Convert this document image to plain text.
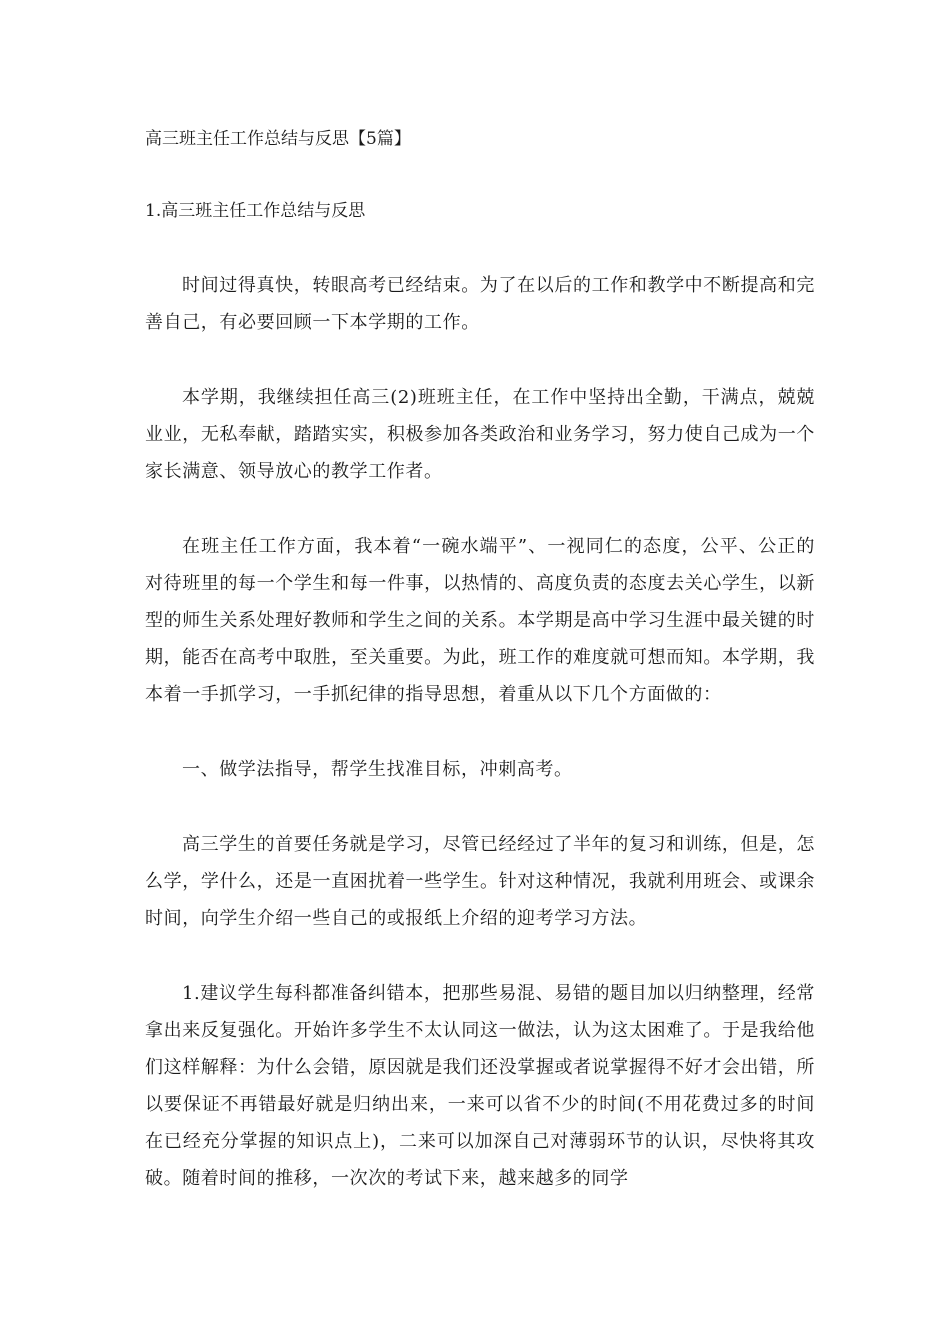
高三班主任工作总结与反思【5篇】

1.高三班主任工作总结与反思

时间过得真快，转眼高考已经结束。为了在以后的工作和教学中不断提高和完善自己，有必要回顾一下本学期的工作。

本学期，我继续担任高三(2)班班主任，在工作中坚持出全勤，干满点，兢兢业业，无私奉献，踏踏实实，积极参加各类政治和业务学习，努力使自己成为一个家长满意、领导放心的教学工作者。

在班主任工作方面，我本着“一碗水端平”、一视同仁的态度，公平、公正的对待班里的每一个学生和每一件事，以热情的、高度负责的态度去关心学生，以新型的师生关系处理好教师和学生之间的关系。本学期是高中学习生涯中最关键的时期，能否在高考中取胜，至关重要。为此，班工作的难度就可想而知。本学期，我本着一手抓学习，一手抓纪律的指导思想，着重从以下几个方面做的：

一、做学法指导，帮学生找准目标，冲刺高考。

高三学生的首要任务就是学习，尽管已经经过了半年的复习和训练，但是，怎么学，学什么，还是一直困扰着一些学生。针对这种情况，我就利用班会、或课余时间，向学生介绍一些自己的或报纸上介绍的迎考学习方法。

1.建议学生每科都准备纠错本，把那些易混、易错的题目加以归纳整理，经常拿出来反复强化。开始许多学生不太认同这一做法，认为这太困难了。于是我给他们这样解释：为什么会错，原因就是我们还没掌握或者说掌握得不好才会出错，所以要保证不再错最好就是归纳出来，一来可以省不少的时间(不用花费过多的时间在已经充分掌握的知识点上)，二来可以加深自己对薄弱环节的认识，尽快将其攻破。随着时间的推移，一次次的考试下来，越来越多的同学
